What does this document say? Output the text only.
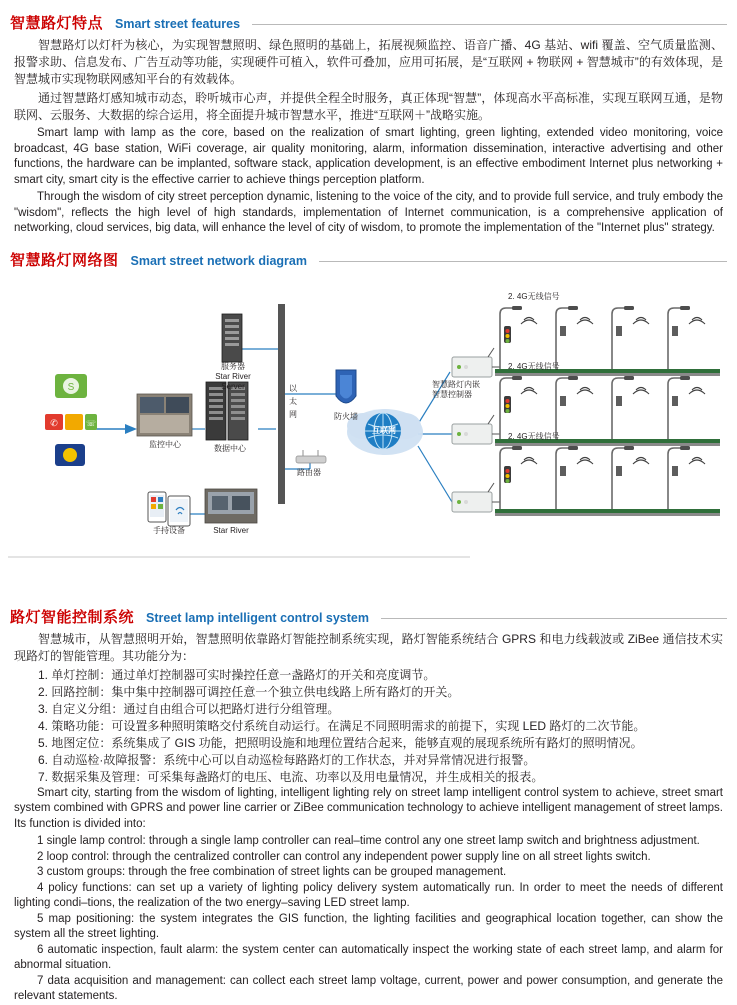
智慧路灯特点 Smart street features

智慧路灯以灯杆为核心，为实现智慧照明、绿色照明的基础上，拓展视频监控、语音广播、4G 基站、wifi 覆盖、空气质量监测、报警求助、信息发布、广告互动等功能，实现硬件可植入，软件可叠加，应用可拓展，是“互联网 + 物联网 + 智慧城市”的有效体现，是智慧城市实现物联网感知平台的有效载体。

通过智慧路灯感知城市动态，聆听城市心声，并提供全程全时服务，真正体现“智慧”，体现高水平高标准，实现互联网互通，是物联网、云服务、大数据的综合运用，将全面提升城市智慧水平，推进“互联网＋”战略实施。

Smart lamp with lamp as the core, based on the realization of smart lighting, green lighting, extended video monitoring, voice broadcast, 4G base station, WiFi coverage, air quality monitoring, alarm, information dissemination, interactive advertising and other functions, the hardware can be implanted, software stack, application development, is an effective embodiment Internet plus networking + smart city, smart city is the effective carrier to achieve things perception platform.

Through the wisdom of city street perception dynamic, listening to the voice of the city, and to provide full service, and truly embody the "wisdom", reflects the high level of high standards, implementation of Internet communication, is a comprehensive application of networking, cloud services, big data, will enhance the level of city of wisdom, to promote the implementation of the "Internet plus" strategy.

智慧路灯网络图 Smart street network diagram
S
✆	☏
服务器
Star River
Server
监控中心	数据中心
防火墙
以
太
网
路由器
互联网
手持设备	Star River
智慧路灯内嵌
智慧控制器
2. 4G无线信号
2. 4G无线信号
2. 4G无线信号
路灯智能控制系统 Street lamp intelligent control system

智慧城市，从智慧照明开始，智慧照明依靠路灯智能控制系统实现，路灯智能系统结合 GPRS 和电力线载波或 ZiBee 通信技术实现路灯的智能管理。其功能分为：

1. 单灯控制：通过单灯控制器可实时操控任意一盏路灯的开关和亮度调节。

2. 回路控制：集中集中控制器可调控任意一个独立供电线路上所有路灯的开关。

3. 自定义分组：通过自由组合可以把路灯进行分组管理。

4. 策略功能：可设置多种照明策略交付系统自动运行。在满足不同照明需求的前提下，实现 LED 路灯的二次节能。

5. 地图定位：系统集成了 GIS 功能，把照明设施和地理位置结合起来，能够直观的展现系统所有路灯的照明情况。

6. 自动巡检·故障报警：系统中心可以自动巡检每路路灯的工作状态，并对异常情况进行报警。

7. 数据采集及管理：可采集每盏路灯的电压、电流、功率以及用电量情况，并生成相关的报表。

Smart city, starting from the wisdom of lighting, intelligent lighting rely on street lamp intelligent control system to achieve, street smart system combined with GPRS and power line carrier or ZiBee communication technology to achieve intelligent management of street lamps. Its function is divided into:

1 single lamp control: through a single lamp controller can real–time control any one street lamp switch and brightness adjustment.

2 loop control: through the centralized controller can control any independent power supply line on all street lights switch.

3 custom groups: through the free combination of street lights can be grouped management.

4 policy functions: can set up a variety of lighting policy delivery system automatically run. In order to meet the needs of different lighting condi–tions, the realization of the two energy–saving LED street lamp.

5 map positioning: the system integrates the GIS function, the lighting facilities and geographical location together, can show the system all the street lighting.

6 automatic inspection, fault alarm: the system center can automatically inspect the working state of each street lamp, and alarm for abnormal situation.

7 data acquisition and management: can collect each street lamp voltage, current, power and power consumption, and generate the relevant statements.
